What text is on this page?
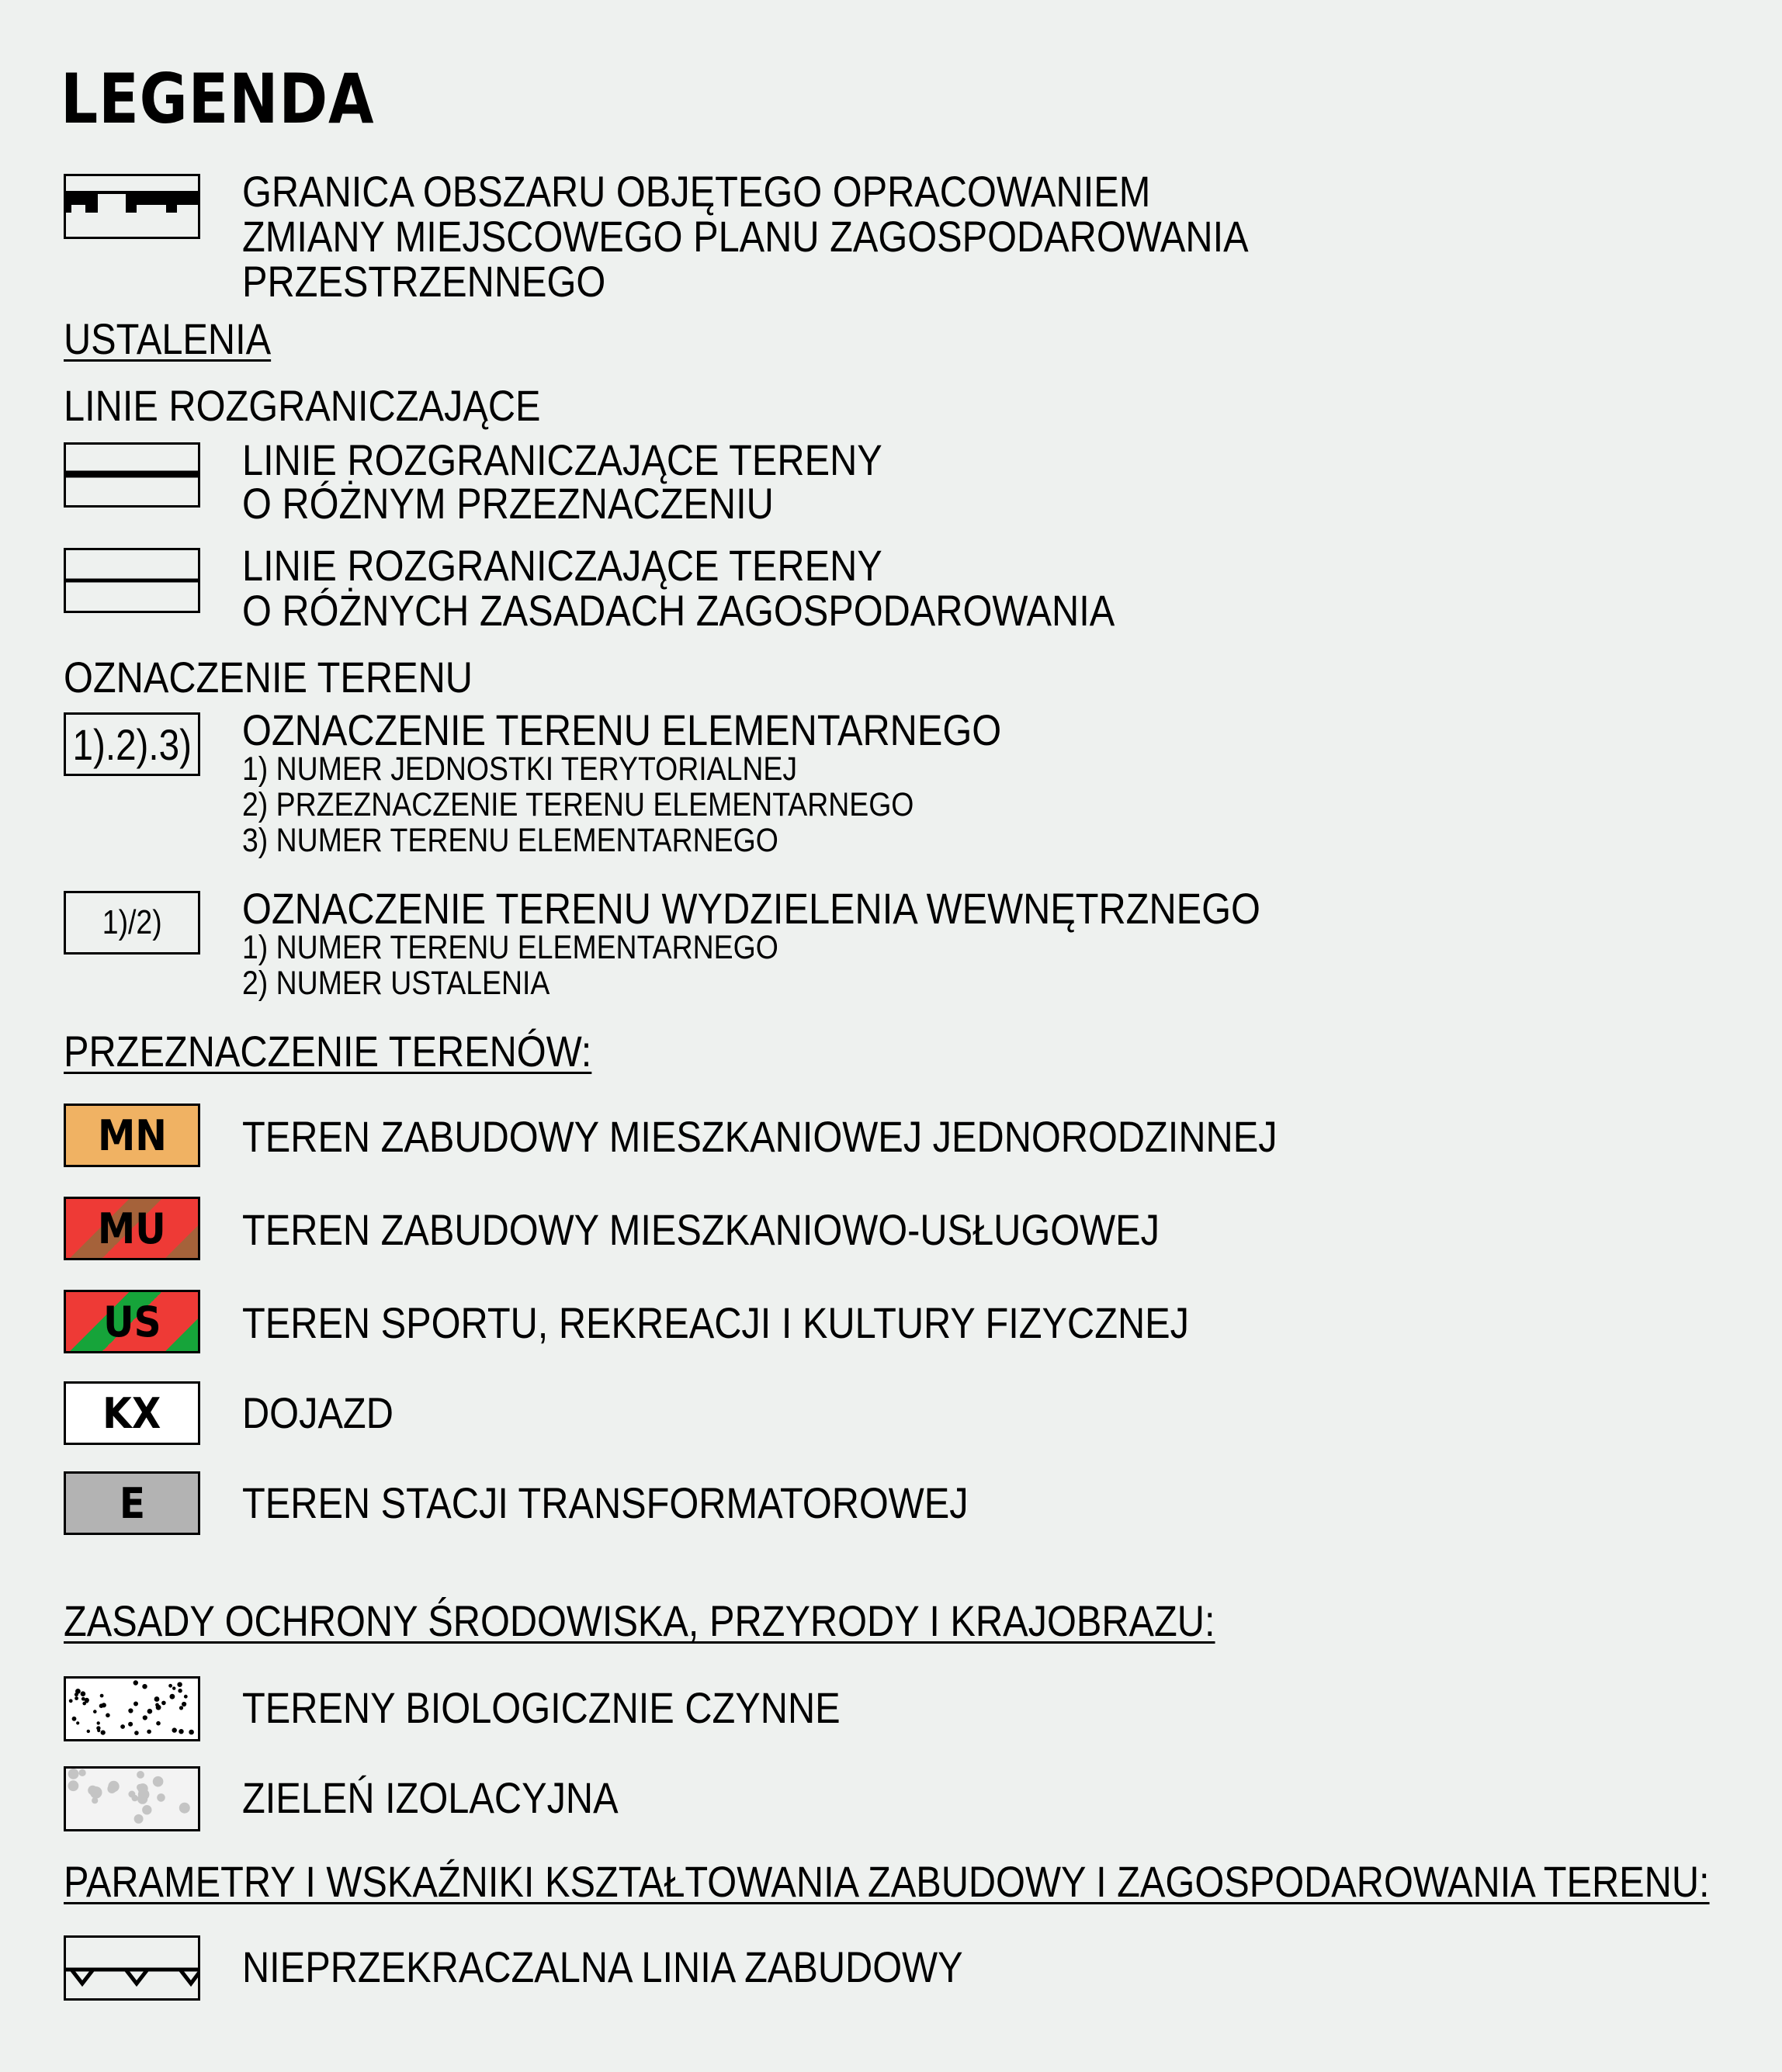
LEGENDA
GRANICA OBSZARU OBJĘTEGO OPRACOWANIEM
ZMIANY MIEJSCOWEGO PLANU ZAGOSPODAROWANIA
PRZESTRZENNEGO
USTALENIA
LINIE ROZGRANICZAJĄCE
LINIE ROZGRANICZAJĄCE TERENY
O RÓŻNYM PRZEZNACZENIU
LINIE ROZGRANICZAJĄCE TERENY
O RÓŻNYCH ZASADACH ZAGOSPODAROWANIA
OZNACZENIE TERENU
1).2).3) OZNACZENIE TERENU ELEMENTARNEGO
1) NUMER JEDNOSTKI TERYTORIALNEJ
2) PRZEZNACZENIE TERENU ELEMENTARNEGO
3) NUMER TERENU ELEMENTARNEGO
1)/2) OZNACZENIE TERENU WYDZIELENIA WEWNĘTRZNEGO
1) NUMER TERENU ELEMENTARNEGO
2) NUMER USTALENIA
PRZEZNACZENIE TERENÓW:
MN TEREN ZABUDOWY MIESZKANIOWEJ JEDNORODZINNEJ
MU TEREN ZABUDOWY MIESZKANIOWO-USŁUGOWEJ
US TEREN SPORTU, REKREACJI I KULTURY FIZYCZNEJ
KX DOJAZD
E TEREN STACJI TRANSFORMATOROWEJ
ZASADY OCHRONY ŚRODOWISKA, PRZYRODY I KRAJOBRAZU:
TERENY BIOLOGICZNIE CZYNNE
ZIELEŃ IZOLACYJNA
PARAMETRY I WSKAŹNIKI KSZTAŁTOWANIA ZABUDOWY I ZAGOSPODAROWANIA TERENU:
NIEPRZEKRACZALNA LINIA ZABUDOWY
